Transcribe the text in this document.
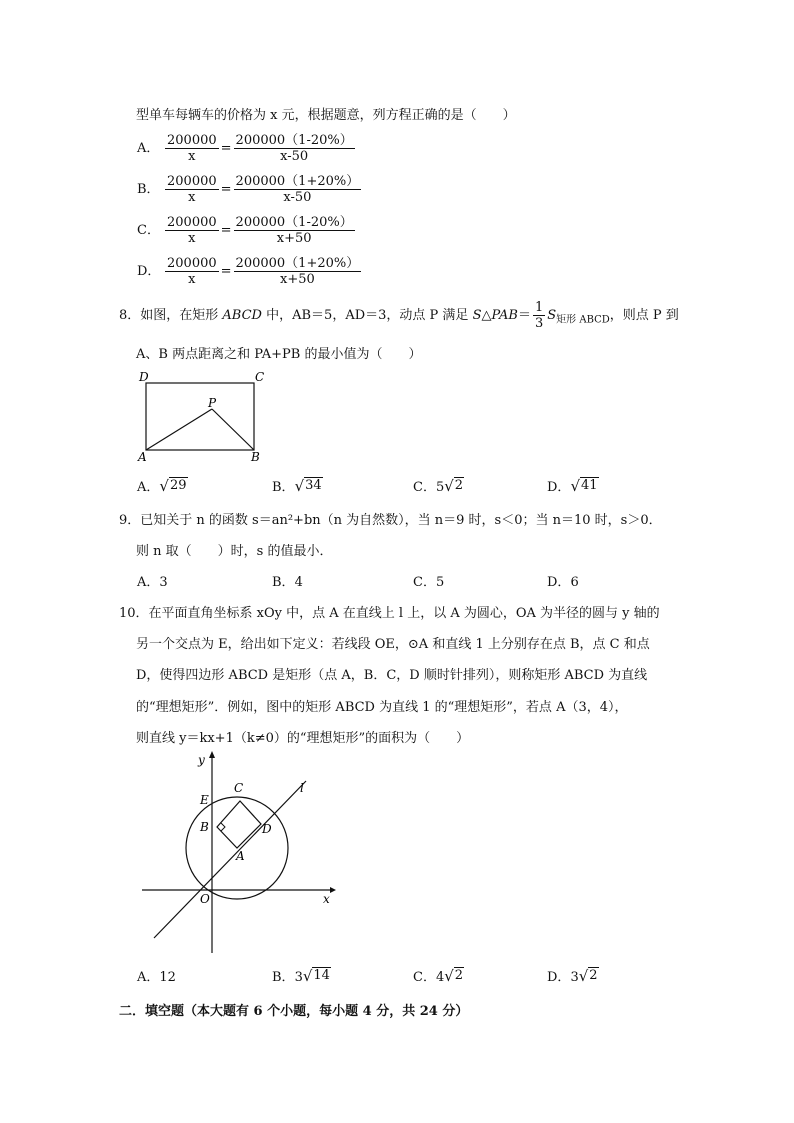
型单车每辆车的价格为 x 元，根据题意，列方程正确的是（　　）
A． $\frac{200000}{x} = \frac{200000(1-20\%)}{x-50}$
B． $\frac{200000}{x} = \frac{200000(1+20\%)}{x-50}$
C． $\frac{200000}{x} = \frac{200000(1-20\%)}{x+50}$
D． $\frac{200000}{x} = \frac{200000(1+20\%)}{x+50}$
8．如图，在矩形 ABCD 中，AB＝5，AD＝3，动点 P 满足 S△PAB＝ $\frac{1}{3} S_{矩形 ABCD}$，则点 P 到
A、B 两点距离之和 PA+PB 的最小值为（　　）
D	C
P
A	B
A． √ 29	B． √ 34	C．5 √ 2	D． √ 41
9．已知关于 n 的函数 s＝an²+bn（n 为自然数），当 n＝9 时，s＜0；当 n＝10 时，s＞0．
则 n 取（　　）时，s 的值最小．
A．3	B．4	C．5	D．6
10．在平面直角坐标系 xOy 中，点 A 在直线上 l 上，以 A 为圆心，OA 为半径的圆与 y 轴的
另一个交点为 E，给出如下定义：若线段 OE，⊙A 和直线 1 上分别存在点 B，点 C 和点
D，使得四边形 ABCD 是矩形（点 A，B．C，D 顺时针排列），则称矩形 ABCD 为直线
的“理想矩形”．例如，图中的矩形 ABCD 为直线 1 的“理想矩形”，若点 A（3，4），
则直线 y＝kx+1（k≠0）的“理想矩形”的面积为（　　）
y
x
l
E
C
B	D
A
O
A．12	B．3 √ 14	C．4 √ 2	D．3 √ 2
二．填空题（本大题有 6 个小题，每小题 4 分，共 24 分）
